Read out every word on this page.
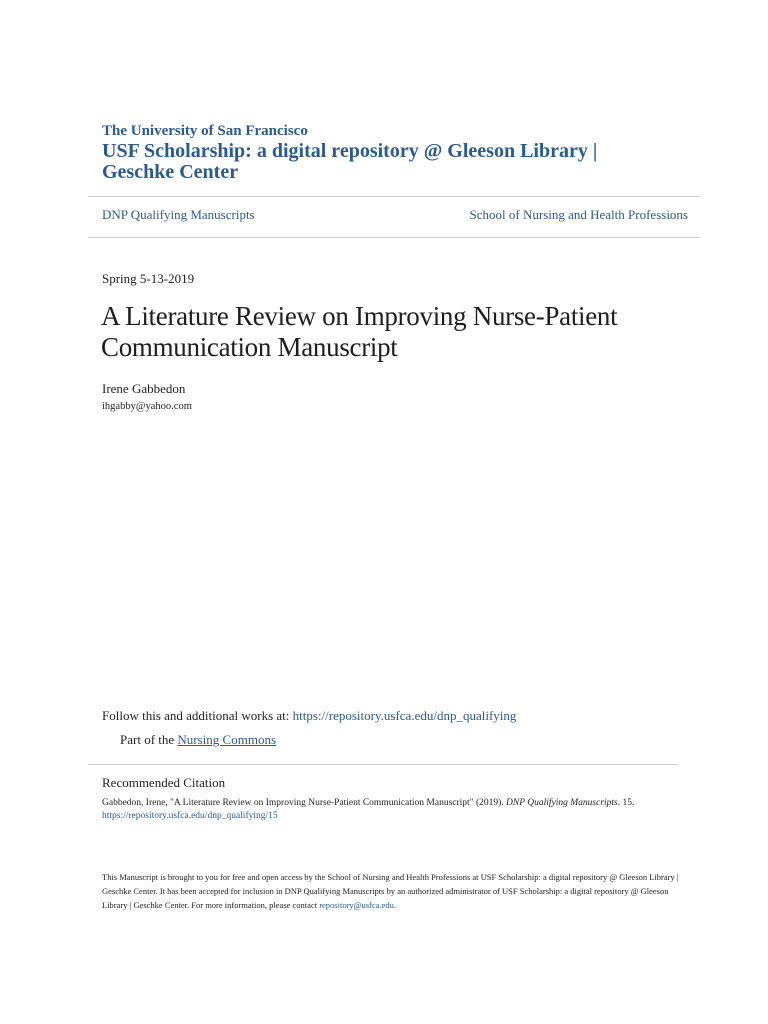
The University of San Francisco
USF Scholarship: a digital repository @ Gleeson Library | Geschke Center
DNP Qualifying Manuscripts	School of Nursing and Health Professions
Spring 5-13-2019
A Literature Review on Improving Nurse-Patient Communication Manuscript
Irene Gabbedon
ihgabby@yahoo.com
Follow this and additional works at: https://repository.usfca.edu/dnp_qualifying
Part of the Nursing Commons
Recommended Citation
Gabbedon, Irene, "A Literature Review on Improving Nurse-Patient Communication Manuscript" (2019). DNP Qualifying Manuscripts. 15.
https://repository.usfca.edu/dnp_qualifying/15
This Manuscript is brought to you for free and open access by the School of Nursing and Health Professions at USF Scholarship: a digital repository @ Gleeson Library | Geschke Center. It has been accepted for inclusion in DNP Qualifying Manuscripts by an authorized administrator of USF Scholarship: a digital repository @ Gleeson Library | Geschke Center. For more information, please contact repository@usfca.edu.
